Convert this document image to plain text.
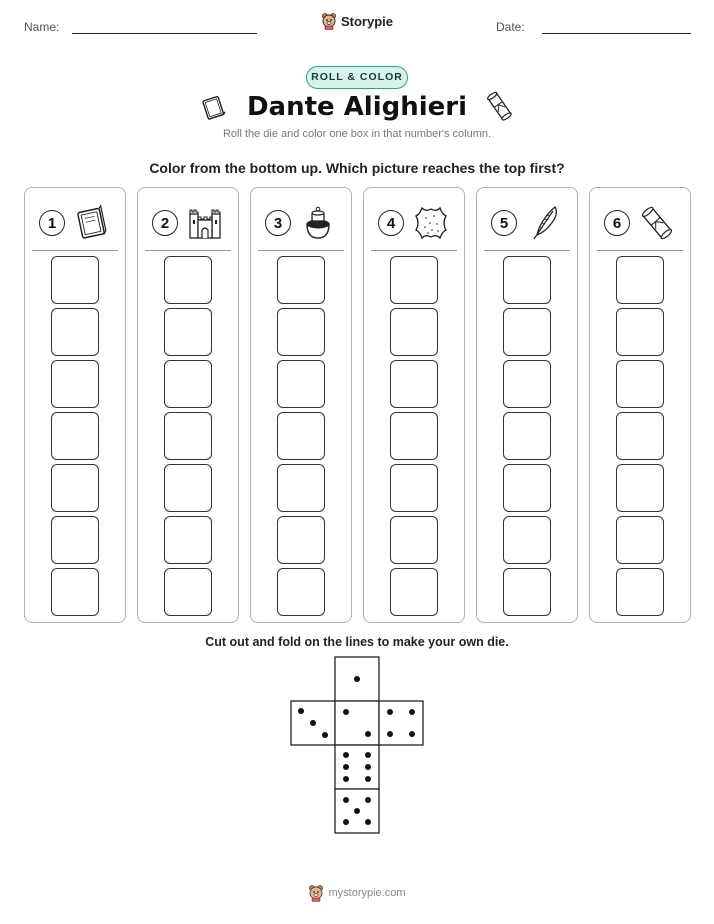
Name:	Storypie	Date:
ROLL & COLOR
Dante Alighieri
Roll the die and color one box in that number's column.
Color from the bottom up. Which picture reaches the top first?
1	2	3	4	5	6
Cut out and fold on the lines to make your own die.
mystorypie.com
